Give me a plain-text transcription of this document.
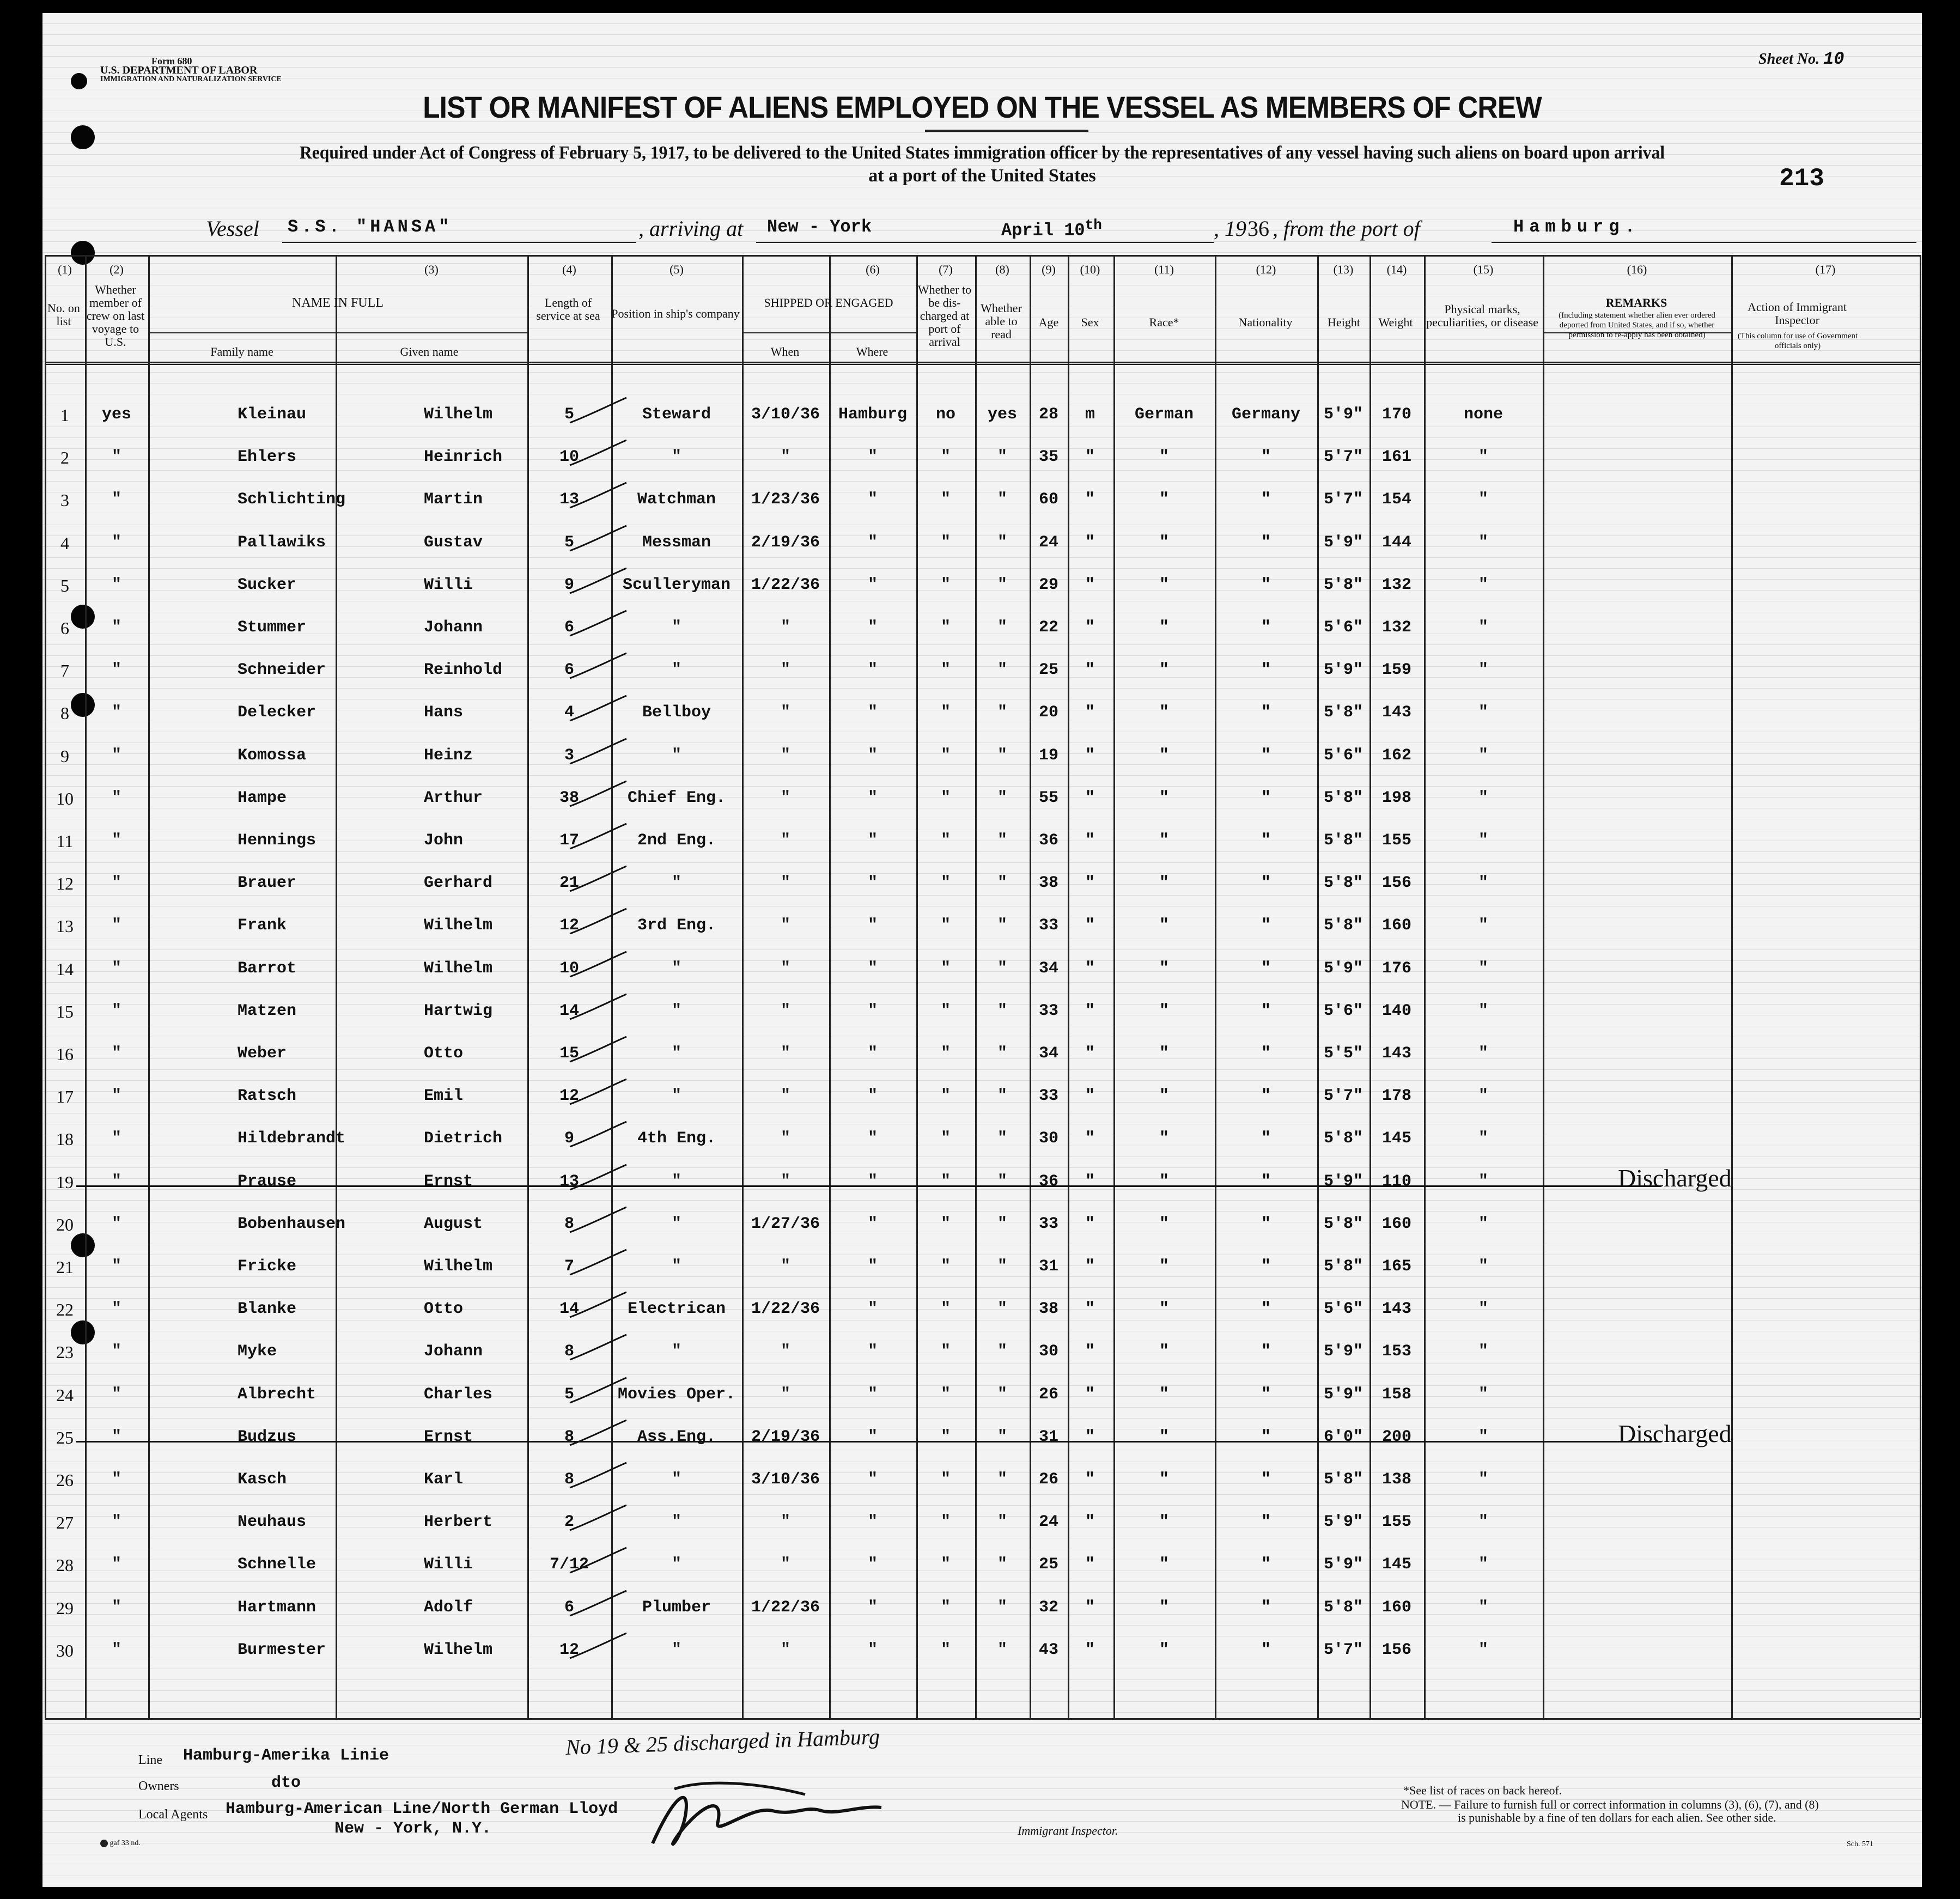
Form 680
U.S. DEPARTMENT OF LABOR
IMMIGRATION AND NATURALIZATION SERVICE
Sheet No. 10
LIST OR MANIFEST OF ALIENS EMPLOYED ON THE VESSEL AS MEMBERS OF CREW
Required under Act of Congress of February 5, 1917, to be delivered to the United States immigration officer by the representatives of any vessel having such aliens on board upon arrival
at a port of the United States	213
Vessel S.S. "HANSA"	, arriving at New - York	April 10th	, 19 36 , from the port of	Hamburg.
No. on list
Whether member of crew on last voyage to U.S.
NAME IN FULL
Family name	Given name
Length of service at sea Position in ship's company
SHIPPED OR ENGAGED
When	Where
Whether to be dis-charged at port of arrival
Whether able to read
Age	Sex	Race*	Nationality	Height	Weight
Physical marks, peculiarities, or disease
REMARKS
(Including statement whether alien ever ordered deported from United States, and if so, whether permission to re-apply has been obtained)
Action of Immigrant Inspector
(This column for use of Government officials only)
(1)	(2)	(3)	(4)	(5)	(6)	(7)	(8)	(9)	(10)	(11)	(12)	(13)	(14)	(15)	(16)	(17)
1	yes	Kleinau	Wilhelm	5	Steward	3/10/36	Hamburg	no	yes	28	m	German	Germany	5'9"	170	none
2	"	Ehlers	Heinrich	10	"	"	"	"	"	35	"	"	"	5'7"	161	"
3	"	Schlichting	Martin	13	Watchman	1/23/36	"	"	"	60	"	"	"	5'7"	154	"
4	"	Pallawiks	Gustav	5	Messman	2/19/36	"	"	"	24	"	"	"	5'9"	144	"
5	"	Sucker	Willi	9	Sculleryman	1/22/36	"	"	"	29	"	"	"	5'8"	132	"
6	"	Stummer	Johann	6	"	"	"	"	"	22	"	"	"	5'6"	132	"
7	"	Schneider	Reinhold	6	"	"	"	"	"	25	"	"	"	5'9"	159	"
8	"	Delecker	Hans	4	Bellboy	"	"	"	"	20	"	"	"	5'8"	143	"
9	"	Komossa	Heinz	3	"	"	"	"	"	19	"	"	"	5'6"	162	"
10	"	Hampe	Arthur	38	Chief Eng.	"	"	"	"	55	"	"	"	5'8"	198	"
11	"	Hennings	John	17	2nd Eng.	"	"	"	"	36	"	"	"	5'8"	155	"
12	"	Brauer	Gerhard	21	"	"	"	"	"	38	"	"	"	5'8"	156	"
13	"	Frank	Wilhelm	12	3rd Eng.	"	"	"	"	33	"	"	"	5'8"	160	"
14	"	Barrot	Wilhelm	10	"	"	"	"	"	34	"	"	"	5'9"	176	"
15	"	Matzen	Hartwig	14	"	"	"	"	"	33	"	"	"	5'6"	140	"
16	"	Weber	Otto	15	"	"	"	"	"	34	"	"	"	5'5"	143	"
17	"	Ratsch	Emil	12	"	"	"	"	"	33	"	"	"	5'7"	178	"
18	"	Hildebrandt	Dietrich	9	4th Eng.	"	"	"	"	30	"	"	"	5'8"	145	"
19	"	Prause	Ernst	13	"	"	"	"	"	36	"	"	"	5'9"	110	"	Discharged
20	"	Bobenhausen	August	8	"	1/27/36	"	"	"	33	"	"	"	5'8"	160	"
21	"	Fricke	Wilhelm	7	"	"	"	"	"	31	"	"	"	5'8"	165	"
22	"	Blanke	Otto	14	Electrican	1/22/36	"	"	"	38	"	"	"	5'6"	143	"
23	"	Myke	Johann	8	"	"	"	"	"	30	"	"	"	5'9"	153	"
24	"	Albrecht	Charles	5	Movies Oper.	"	"	"	"	26	"	"	"	5'9"	158	"
25	"	Budzus	Ernst	8	Ass.Eng.	2/19/36	"	"	"	31	"	"	"	6'0"	200	"	Discharged
26	"	Kasch	Karl	8	"	3/10/36	"	"	"	26	"	"	"	5'8"	138	"
27	"	Neuhaus	Herbert	2	"	"	"	"	"	24	"	"	"	5'9"	155	"
28	"	Schnelle	Willi	7/12	"	"	"	"	"	25	"	"	"	5'9"	145	"
29	"	Hartmann	Adolf	6	Plumber	1/22/36	"	"	"	32	"	"	"	5'8"	160	"
30	"	Burmester	Wilhelm	12	"	"	"	"	"	43	"	"	"	5'7"	156	"
Line Hamburg-Amerika Linie
Owners	dto
Local Agents Hamburg-American Line/North German Lloyd
New - York, N.Y.
No 19 & 25 discharged in Hamburg
Immigrant Inspector.
*See list of races on back hereof.
NOTE. — Failure to furnish full or correct information in columns (3), (6), (7), and (8)
is punishable by a fine of ten dollars for each alien. See other side.
gaf 33 nd.	Sch. 571
